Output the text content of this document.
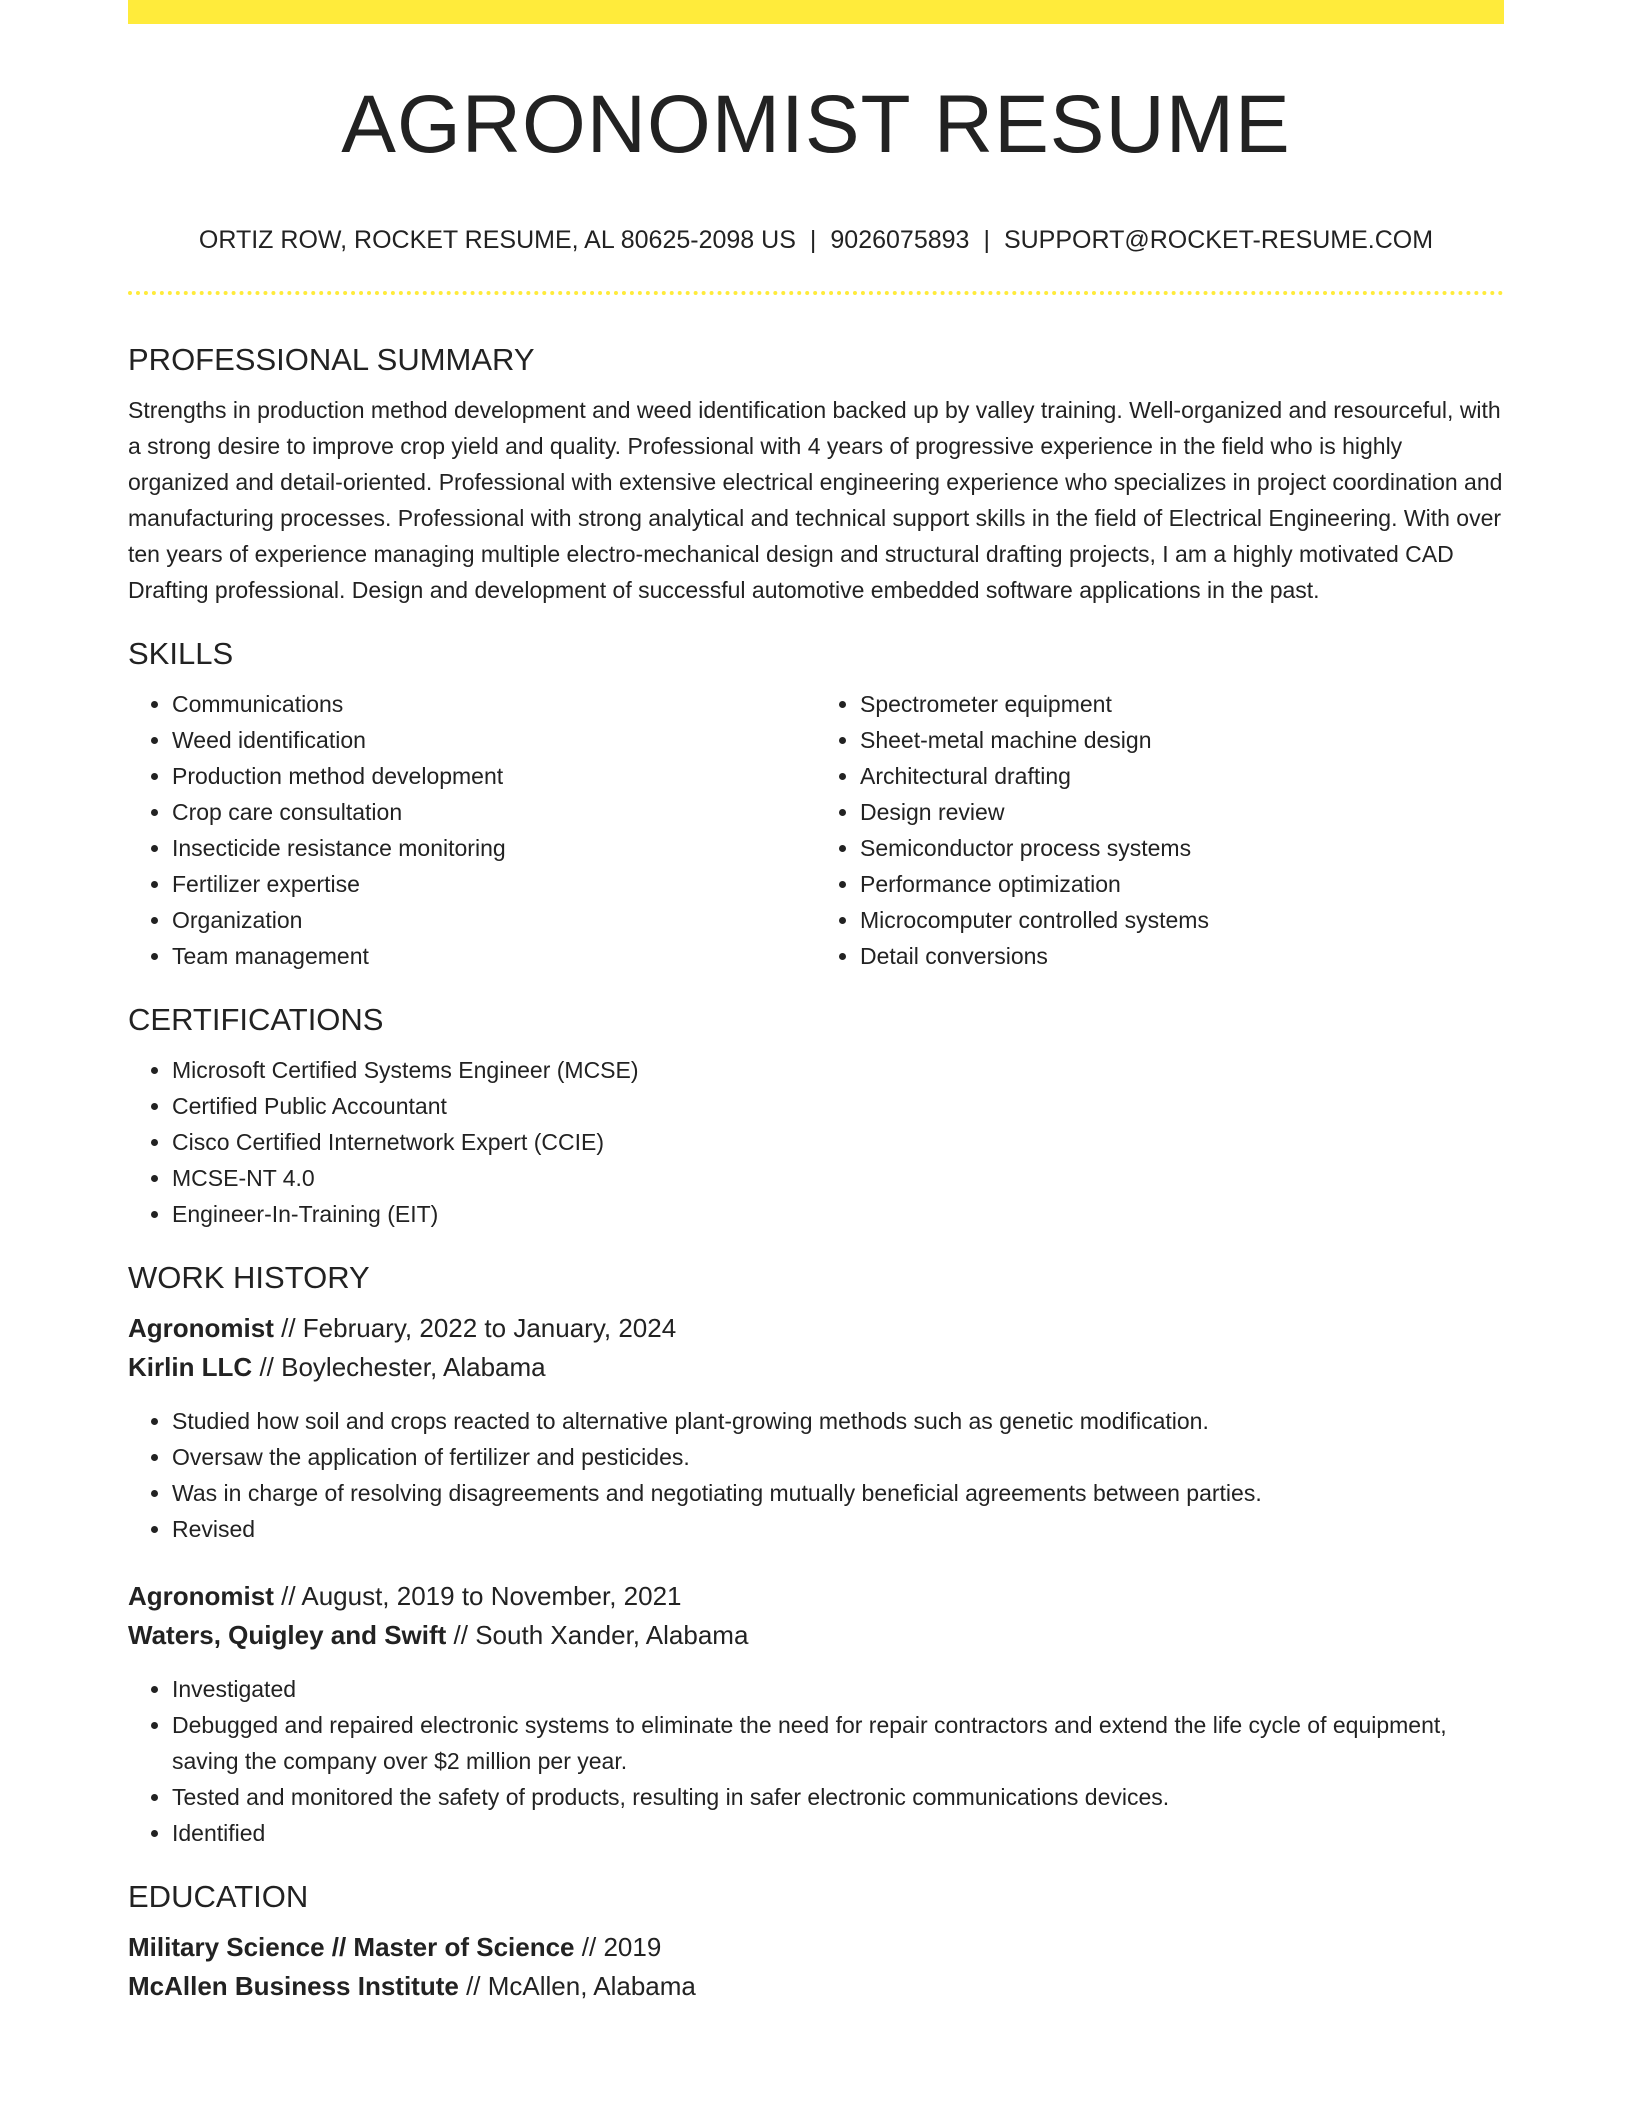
AGRONOMIST RESUME
ORTIZ ROW, ROCKET RESUME, AL 80625-2098 US | 9026075893 | SUPPORT@ROCKET-RESUME.COM
PROFESSIONAL SUMMARY

Strengths in production method development and weed identification backed up by valley training. Well-organized and resourceful, with a strong desire to improve crop yield and quality. Professional with 4 years of progressive experience in the field who is highly organized and detail-oriented. Professional with extensive electrical engineering experience who specializes in project coordination and manufacturing processes. Professional with strong analytical and technical support skills in the field of Electrical Engineering. With over ten years of experience managing multiple electro-mechanical design and structural drafting projects, I am a highly motivated CAD Drafting professional. Design and development of successful automotive embedded software applications in the past.

SKILLS
• Communications
• Weed identification
• Production method development
• Crop care consultation
• Insecticide resistance monitoring
• Fertilizer expertise
• Organization
• Team management
• Spectrometer equipment
• Sheet-metal machine design
• Architectural drafting
• Design review
• Semiconductor process systems
• Performance optimization
• Microcomputer controlled systems
• Detail conversions
CERTIFICATIONS
• Microsoft Certified Systems Engineer (MCSE)
• Certified Public Accountant
• Cisco Certified Internetwork Expert (CCIE)
• MCSE-NT 4.0
• Engineer-In-Training (EIT)
WORK HISTORY
Agronomist // February, 2022 to January, 2024
Kirlin LLC // Boylechester, Alabama
• Studied how soil and crops reacted to alternative plant-growing methods such as genetic modification.
• Oversaw the application of fertilizer and pesticides.
• Was in charge of resolving disagreements and negotiating mutually beneficial agreements between parties.
• Revised
Agronomist // August, 2019 to November, 2021
Waters, Quigley and Swift // South Xander, Alabama
• Investigated
• Debugged and repaired electronic systems to eliminate the need for repair contractors and extend the life cycle of equipment, saving the company over $2 million per year.
• Tested and monitored the safety of products, resulting in safer electronic communications devices.
• Identified
EDUCATION
Military Science // Master of Science // 2019
McAllen Business Institute // McAllen, Alabama
